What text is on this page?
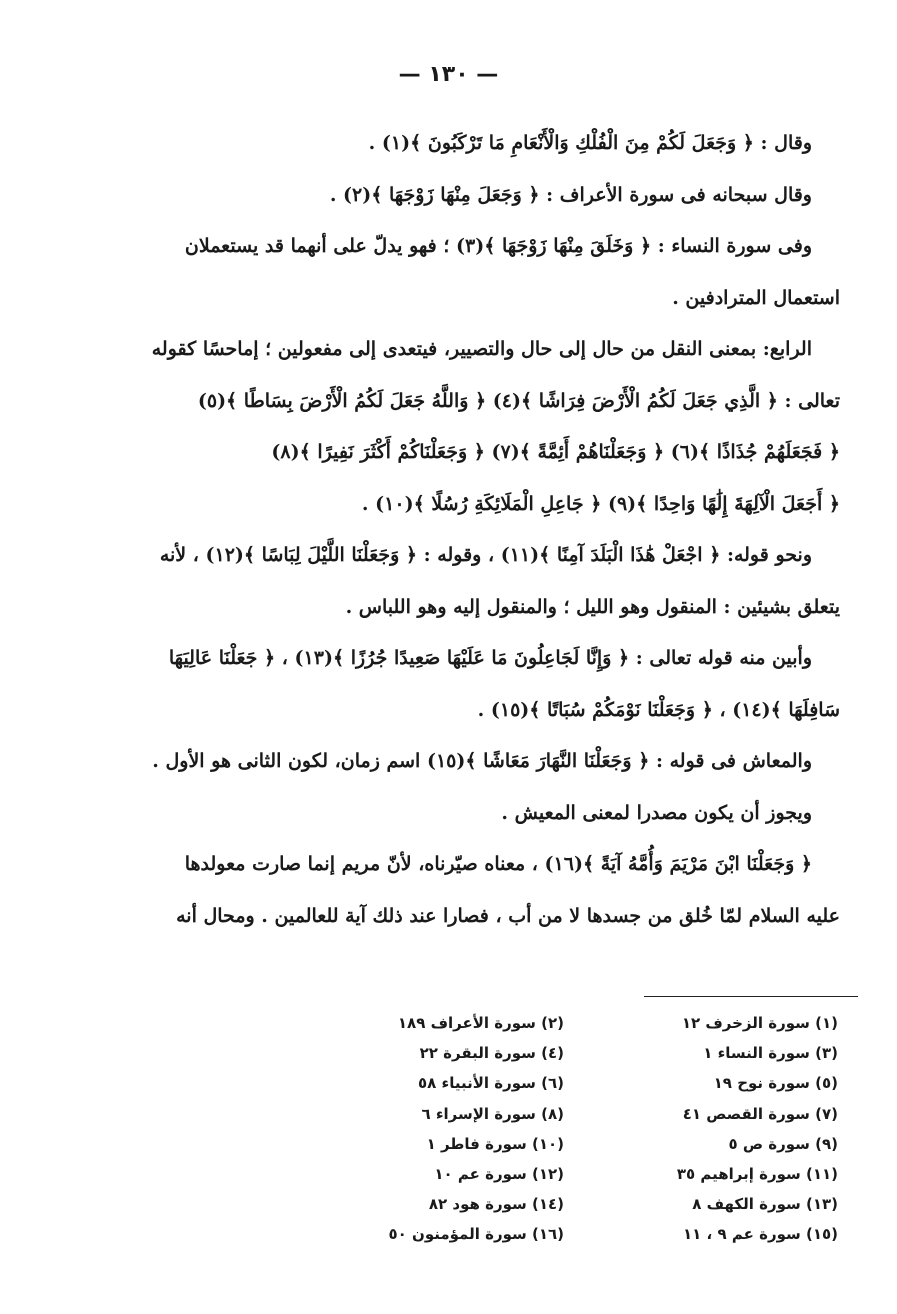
— ١٣٠ —
وقال : ﴿ وَجَعَلَ لَكُمْ مِنَ الْفُلْكِ وَالْأَنْعَامِ مَا تَرْكَبُونَ ﴾(١) .
وقال سبحانه فى سورة الأعراف : ﴿ وَجَعَلَ مِنْهَا زَوْجَهَا ﴾(٢) .
وفى سورة النساء : ﴿ وَخَلَقَ مِنْهَا زَوْجَهَا ﴾(٣) ؛ فهو يدلّ على أنهما قد يستعملان
استعمال المترادفين .
الرابع: بمعنى النقل من حال إلى حال والتصيير، فيتعدى إلى مفعولين ؛ إماحسًا كقوله
تعالى : ﴿ الَّذِي جَعَلَ لَكُمُ الْأَرْضَ فِرَاشًا ﴾(٤) ﴿ وَاللَّهُ جَعَلَ لَكُمُ الْأَرْضَ بِسَاطًا ﴾(٥)
﴿ فَجَعَلَهُمْ جُذَاذًا ﴾(٦) ﴿ وَجَعَلْنَاهُمْ أَئِمَّةً ﴾(٧) ﴿ وَجَعَلْنَاكُمْ أَكْثَرَ نَفِيرًا ﴾(٨)
﴿ أَجَعَلَ الْآلِهَةَ إِلَٰهًا وَاحِدًا ﴾(٩) ﴿ جَاعِلِ الْمَلَائِكَةِ رُسُلًا ﴾(١٠) .
ونحو قوله: ﴿ اجْعَلْ هَٰذَا الْبَلَدَ آمِنًا ﴾(١١) ، وقوله : ﴿ وَجَعَلْنَا اللَّيْلَ لِبَاسًا ﴾(١٢) ، لأنه
يتعلق بشيئين : المنقول وهو الليل ؛ والمنقول إليه وهو اللباس .
وأبين منه قوله تعالى : ﴿ وَإِنَّا لَجَاعِلُونَ مَا عَلَيْهَا صَعِيدًا جُرُزًا ﴾(١٣) ، ﴿ جَعَلْنَا عَالِيَهَا
سَافِلَهَا ﴾(١٤) ، ﴿ وَجَعَلْنَا نَوْمَكُمْ سُبَاتًا ﴾(١٥) .
والمعاش فى قوله : ﴿ وَجَعَلْنَا النَّهَارَ مَعَاشًا ﴾(١٥) اسم زمان، لكون الثانى هو الأول .
ويجوز أن يكون مصدرا لمعنى المعيش .
﴿ وَجَعَلْنَا ابْنَ مَرْيَمَ وَأُمَّهُ آيَةً ﴾(١٦) ، معناه صيّرناه، لأنّ مريم إنما صارت معولدها
عليه السلام لمّا خُلق من جسدها لا من أب ، فصارا عند ذلك آية للعالمين . ومحال أنه
(١) سورة الزخرف ١٢
(٢) سورة الأعراف ١٨٩
(٣) سورة النساء ١
(٤) سورة البقرة ٢٢
(٥) سورة نوح ١٩
(٦) سورة الأنبياء ٥٨
(٧) سورة القصص ٤١
(٨) سورة الإسراء ٦
(٩) سورة ص ٥
(١٠) سورة فاطر ١
(١١) سورة إبراهيم ٣٥
(١٢) سورة عم ١٠
(١٣) سورة الكهف ٨
(١٤) سورة هود ٨٢
(١٥) سورة عم ٩ ، ١١
(١٦) سورة المؤمنون ٥٠
